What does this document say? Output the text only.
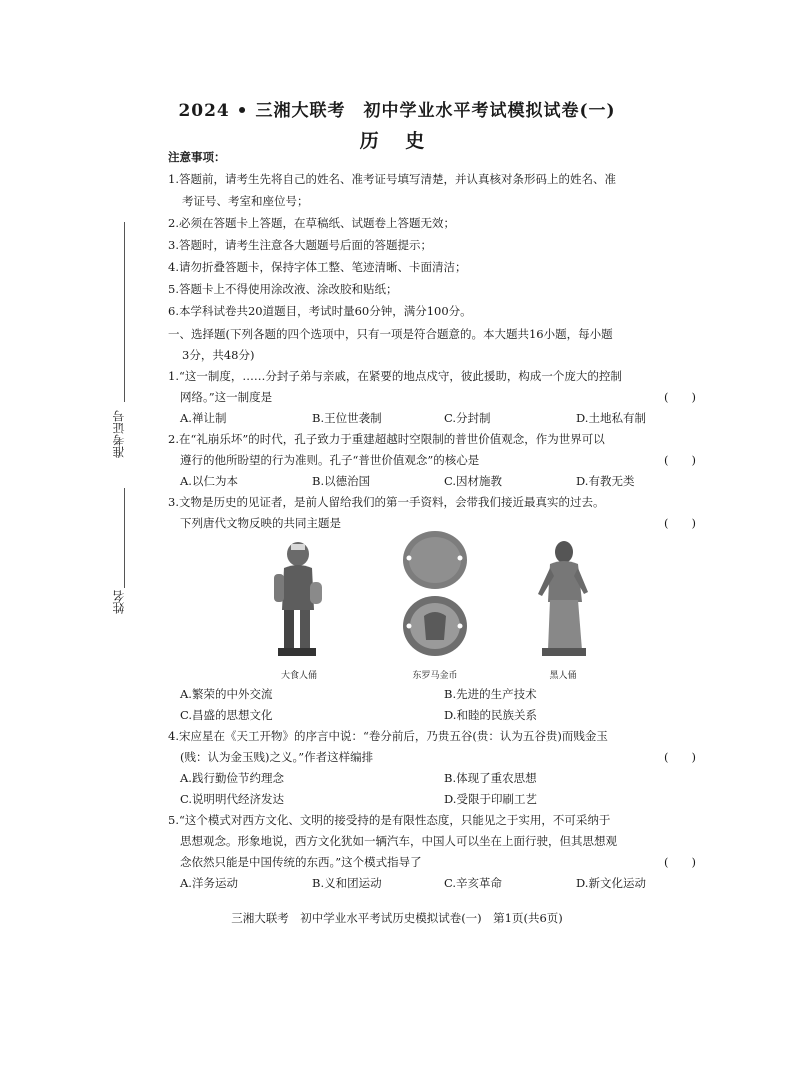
2024 • 三湘大联考　初中学业水平考试模拟试卷(一)
历 史
准考证号
姓名
注意事项：
1.答题前，请考生先将自己的姓名、准考证号填写清楚，并认真核对条形码上的姓名、准
考证号、考室和座位号；
2.必须在答题卡上答题，在草稿纸、试题卷上答题无效；
3.答题时，请考生注意各大题题号后面的答题提示；
4.请勿折叠答题卡，保持字体工整、笔迹清晰、卡面清洁；
5.答题卡上不得使用涂改液、涂改胶和贴纸；
6.本学科试卷共20道题目，考试时量60分钟，满分100分。
一、选择题(下列各题的四个选项中，只有一项是符合题意的。本大题共16小题，每小题
3分，共48分)
1.“这一制度，……分封子弟与亲戚，在紧要的地点戍守，彼此援助，构成一个庞大的控制
网络。”这一制度是	(　　)
A.禅让制	B.王位世袭制	C.分封制	D.土地私有制
2.在“礼崩乐坏”的时代，孔子致力于重建超越时空限制的普世价值观念，作为世界可以
遵行的他所盼望的行为准则。孔子“普世价值观念”的核心是	(　　)
A.以仁为本	B.以德治国	C.因材施教	D.有教无类
3.文物是历史的见证者，是前人留给我们的第一手资料，会带我们接近最真实的过去。
下列唐代文物反映的共同主题是	(　　)
大食人俑	东罗马金币	黑人俑
A.繁荣的中外交流	B.先进的生产技术
C.昌盛的思想文化	D.和睦的民族关系
4.宋应星在《天工开物》的序言中说：“卷分前后，乃贵五谷(贵：认为五谷贵)而贱金玉
(贱：认为金玉贱)之义。”作者这样编排	(　　)
A.践行勤俭节约理念	B.体现了重农思想
C.说明明代经济发达	D.受限于印刷工艺
5.“这个模式对西方文化、文明的接受持的是有限性态度，只能见之于实用，不可采纳于
思想观念。形象地说，西方文化犹如一辆汽车，中国人可以坐在上面行驶，但其思想观
念依然只能是中国传统的东西。”这个模式指导了	(　　)
A.洋务运动	B.义和团运动	C.辛亥革命	D.新文化运动
三湘大联考　初中学业水平考试历史模拟试卷(一)　第1页(共6页)
